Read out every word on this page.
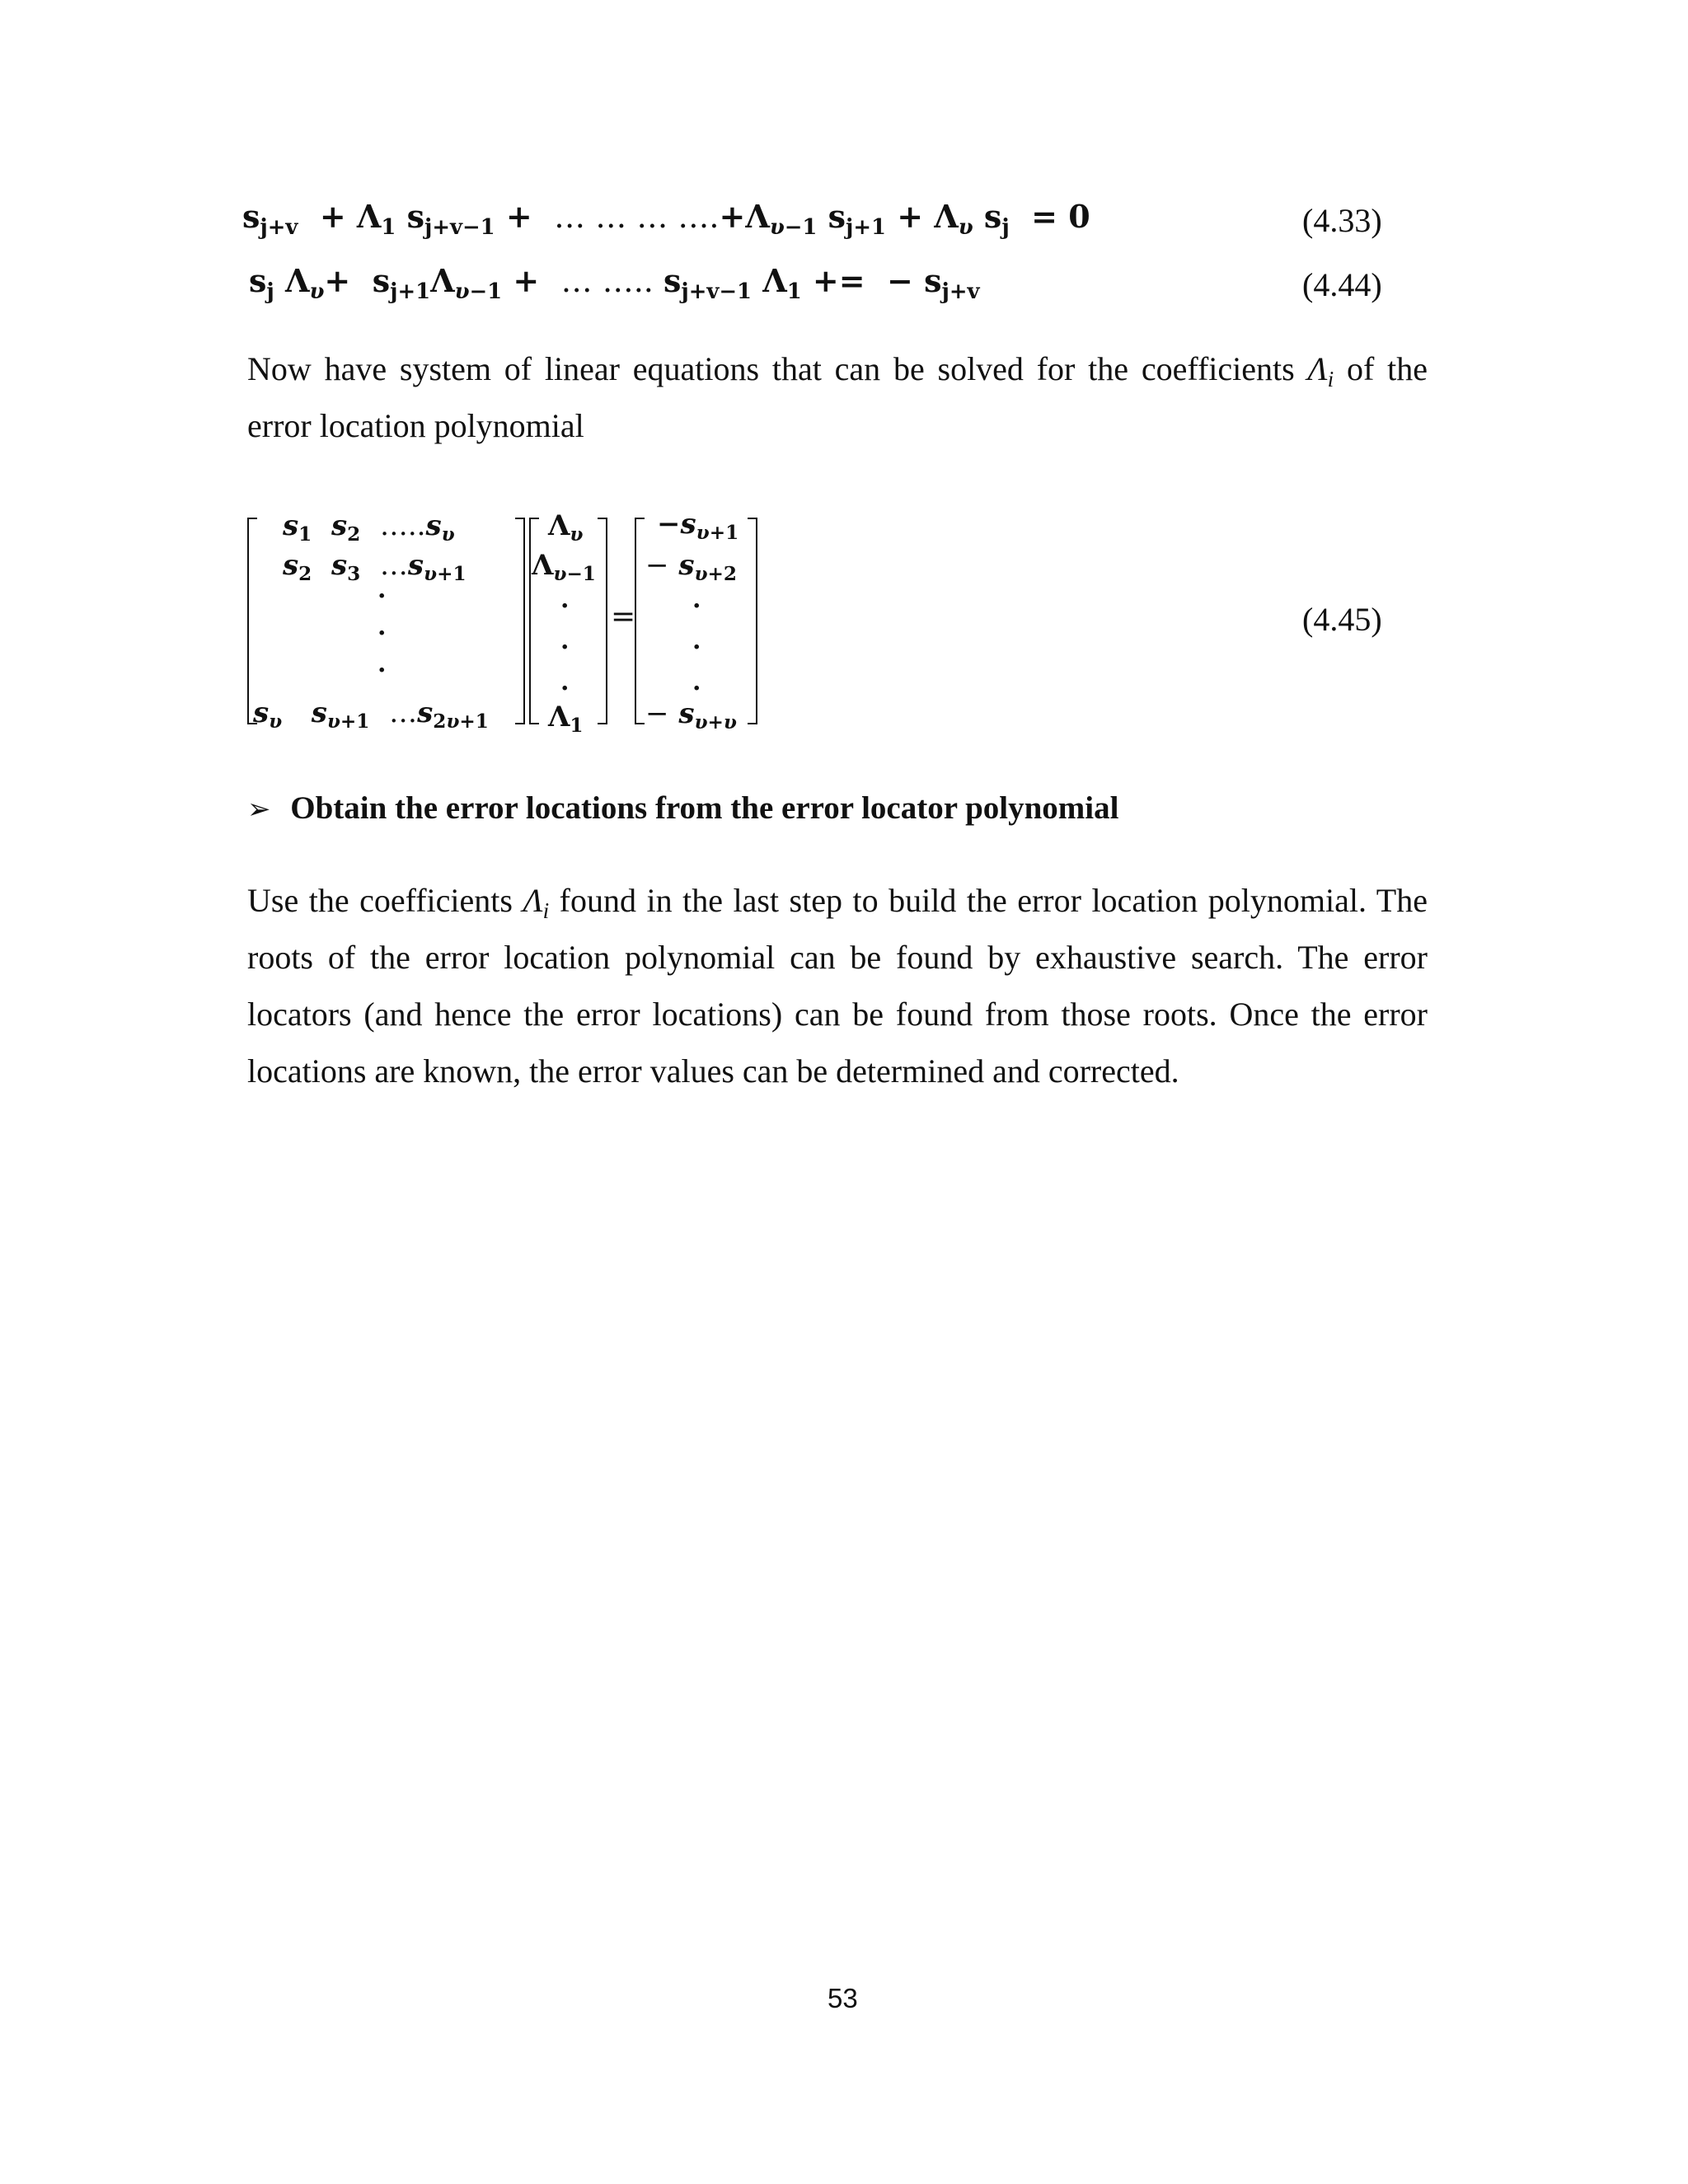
$s_{j+v} + \Lambda_1$ $s_{j+v-1}$ +  … … … $\dots.+\Lambda_{\upsilon-1}$ $s_{j+1} + \Lambda_\upsilon$ $s_j = 0$	(4.33)
$s_j$ $\Lambda_\upsilon+ s_{j+1}\Lambda_{\upsilon-1}$ +  … ….. $s_{j+v-1}$ $\Lambda_1$ +=  − $s_{j+v}$	(4.44)
Now have system of linear equations that can be solved for the coefficients $\Lambda_i$ of the error location polynomial
$s_1$ $s_2$ $\dots..s_\upsilon$
$s_2$ $s_3$ $\dots s_{\upsilon+1}$
.
.
.
$s_\upsilon$ $s_{\upsilon+1}$ $\dots s_{2\upsilon+1}$
$\Lambda_\upsilon$
$\Lambda_{\upsilon-1}$
.
.
.
$\Lambda_1$
=
$-s_{\upsilon+1}$
− $s_{\upsilon+2}$
.
.
.
− $s_{\upsilon+\upsilon}$
(4.45)
➢ Obtain the error locations from the error locator polynomial
Use the coefficients $\Lambda_i$ found in the last step to build the error location polynomial. The roots of the error location polynomial can be found by exhaustive search. The error locators (and hence the error locations) can be found from those roots. Once the error locations are known, the error values can be determined and corrected.
53
